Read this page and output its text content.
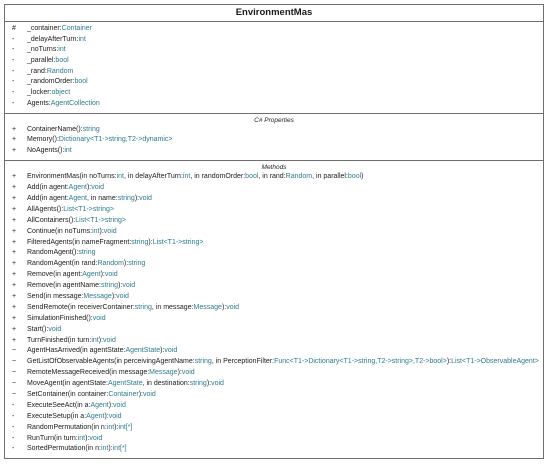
EnvironmentMas
#	_container:Container
-	_delayAfterTurn:int
-	_noTurns:int
-	_parallel:bool
-	_rand:Random
-	_randomOrder:bool
-	_locker:object
-	Agents:AgentCollection
C# Properties
+	ContainerName():string
+	Memory():Dictionary<T1->string,T2->dynamic>
+	NoAgents():int
Methods
+	EnvironmentMas(in noTurns:int, in delayAfterTurn:int, in randomOrder:bool, in rand:Random, in parallel:bool)
+	Add(in agent:Agent):void
+	Add(in agent:Agent, in name:string):void
+	AllAgents():List<T1->string>
+	AllContainers():List<T1->string>
+	Continue(in noTurns:int):void
+	FilteredAgents(in nameFragment:string):List<T1->string>
+	RandomAgent():string
+	RandomAgent(in rand:Random):string
+	Remove(in agent:Agent):void
+	Remove(in agentName:string):void
+	Send(in message:Message):void
+	SendRemote(in receiverContainer:string, in message:Message):void
+	SimulationFinished():void
+	Start():void
+	TurnFinished(in turn:int):void
~	AgentHasArrived(in agentState:AgentState):void
~	GetListOfObservableAgents(in perceivingAgentName:string, in PerceptionFilter:Func<T1->Dictionary<T1->string,T2->string>,T2->bool>):List<T1->ObservableAgent>
~	RemoteMessageReceived(in message:Message):void
~	MoveAgent(in agentState:AgentState, in destination:string):void
~	SetContainer(in container:Container):void
-	ExecuteSeeAct(in a:Agent):void
-	ExecuteSetup(in a:Agent):void
-	RandomPermutation(in n:int):int[*]
-	RunTurn(in turn:int):void
-	SortedPermutation(in n:int):int[*]
